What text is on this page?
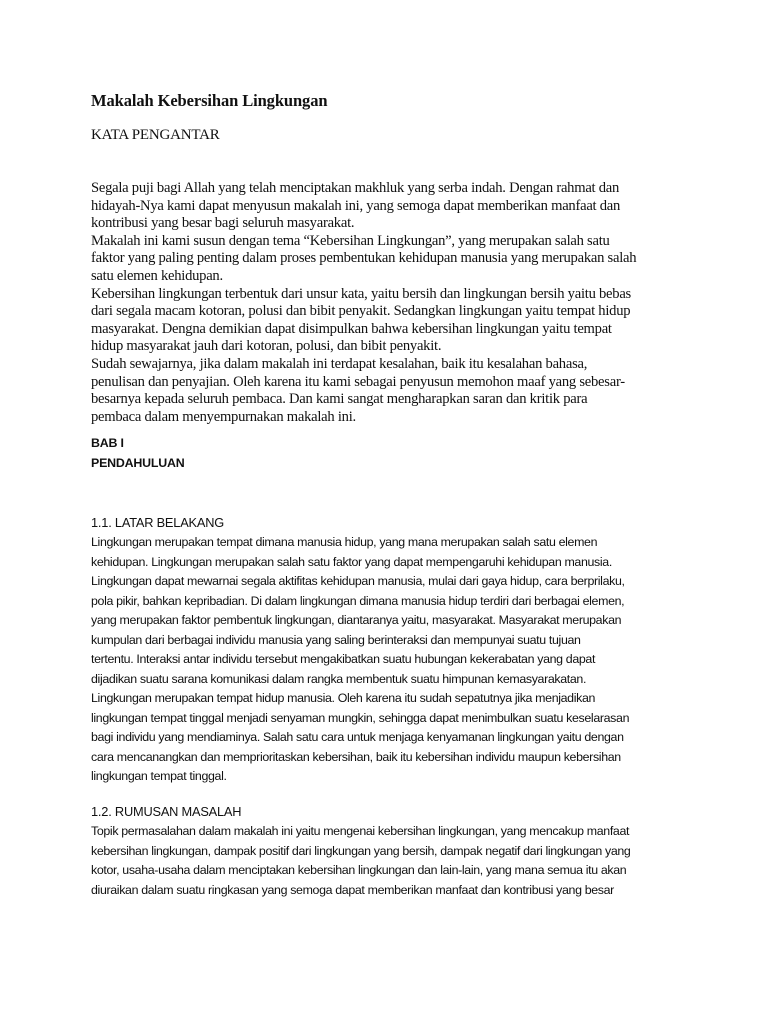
Makalah Kebersihan Lingkungan
KATA PENGANTAR
Segala puji bagi Allah yang telah menciptakan makhluk yang serba indah. Dengan rahmat dan
hidayah-Nya kami dapat menyusun makalah ini, yang semoga dapat memberikan manfaat dan
kontribusi yang besar bagi seluruh masyarakat.
Makalah ini kami susun dengan tema “Kebersihan Lingkungan”, yang merupakan salah satu
faktor yang paling penting dalam proses pembentukan kehidupan manusia yang merupakan salah
satu elemen kehidupan.
Kebersihan lingkungan terbentuk dari unsur kata, yaitu bersih dan lingkungan bersih yaitu bebas
dari segala macam kotoran, polusi dan bibit penyakit. Sedangkan lingkungan yaitu tempat hidup
masyarakat. Dengna demikian dapat disimpulkan bahwa kebersihan lingkungan yaitu tempat
hidup masyarakat jauh dari kotoran, polusi, dan bibit penyakit.
Sudah sewajarnya, jika dalam makalah ini terdapat kesalahan, baik itu kesalahan bahasa,
penulisan dan penyajian. Oleh karena itu kami sebagai penyusun memohon maaf yang sebesar-
besarnya kepada seluruh pembaca. Dan kami sangat mengharapkan saran dan kritik para
pembaca dalam menyempurnakan makalah ini.
BAB I
PENDAHULUAN
1.1. LATAR BELAKANG
Lingkungan merupakan tempat dimana manusia hidup, yang mana merupakan salah satu elemen
kehidupan. Lingkungan merupakan salah satu faktor yang dapat mempengaruhi kehidupan manusia.
Lingkungan dapat mewarnai segala aktifitas kehidupan manusia, mulai dari gaya hidup, cara berprilaku,
pola pikir, bahkan kepribadian. Di dalam lingkungan dimana manusia hidup terdiri dari berbagai elemen,
yang merupakan faktor pembentuk lingkungan, diantaranya yaitu, masyarakat. Masyarakat merupakan
kumpulan dari berbagai individu manusia yang saling berinteraksi dan mempunyai suatu tujuan
tertentu. Interaksi antar individu tersebut mengakibatkan suatu hubungan kekerabatan yang dapat
dijadikan suatu sarana komunikasi dalam rangka membentuk suatu himpunan kemasyarakatan.
Lingkungan merupakan tempat hidup manusia. Oleh karena itu sudah sepatutnya jika menjadikan
lingkungan tempat tinggal menjadi senyaman mungkin, sehingga dapat menimbulkan suatu keselarasan
bagi individu yang mendiaminya. Salah satu cara untuk menjaga kenyamanan lingkungan yaitu dengan
cara mencanangkan dan memprioritaskan kebersihan, baik itu kebersihan individu maupun kebersihan
lingkungan tempat tinggal.
1.2. RUMUSAN MASALAH
Topik permasalahan dalam makalah ini yaitu mengenai kebersihan lingkungan, yang mencakup manfaat
kebersihan lingkungan, dampak positif dari lingkungan yang bersih, dampak negatif dari lingkungan yang
kotor, usaha-usaha dalam menciptakan kebersihan lingkungan dan lain-lain, yang mana semua itu akan
diuraikan dalam suatu ringkasan yang semoga dapat memberikan manfaat dan kontribusi yang besar
